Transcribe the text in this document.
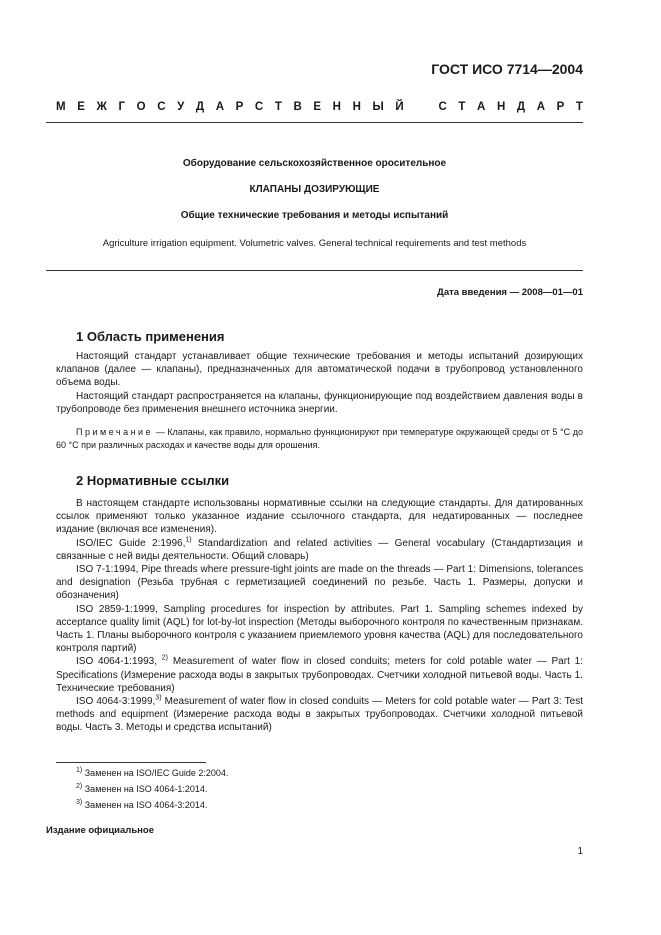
ГОСТ ИСО 7714—2004
М Е Ж Г О С У Д А Р С Т В Е Н Н Ы Й	С Т А Н Д А Р Т
Оборудование сельскохозяйственное оросительное
КЛАПАНЫ ДОЗИРУЮЩИЕ
Общие технические требования и методы испытаний
Agriculture irrigation equipment. Volumetric valves. General technical requirements and test methods
Дата введения — 2008—01—01
1 Область применения

Настоящий стандарт устанавливает общие технические требования и методы испытаний дозирующих клапанов (далее — клапаны), предназначенных для автоматической подачи в трубопровод установленного объема воды.

Настоящий стандарт распространяется на клапаны, функционирующие под воздействием давления воды в трубопроводе без применения внешнего источника энергии.

Примечание — Клапаны, как правило, нормально функционируют при температуре окружающей среды от 5 °С до 60 °С при различных расходах и качестве воды для орошения.
2 Нормативные ссылки

В настоящем стандарте использованы нормативные ссылки на следующие стандарты. Для датированных ссылок применяют только указанное издание ссылочного стандарта, для недатированных — последнее издание (включая все изменения).

ISO/IEC Guide 2:1996,$^{1)}$ Standardization and related activities — General vocabulary (Стандартизация и связанные с ней виды деятельности. Общий словарь)

ISO 7-1:1994, Pipe threads where pressure-tight joints are made on the threads — Part 1: Dimensions, tolerances and designation (Резьба трубная с герметизацией соединений по резьбе. Часть 1. Размеры, допуски и обозначения)

ISO 2859-1:1999, Sampling procedures for inspection by attributes. Part 1. Sampling schemes indexed by acceptance quality limit (AQL) for lot-by-lot inspection (Методы выборочного контроля по качественным признакам. Часть 1. Планы выборочного контроля с указанием приемлемого уровня качества (AQL) для последовательного контроля партий)

ISO 4064-1:1993, $^{2)}$ Measurement of water flow in closed conduits; meters for cold potable water — Part 1: Specifications (Измерение расхода воды в закрытых трубопроводах. Счетчики холодной питьевой воды. Часть 1. Технические требования)

ISO 4064-3:1999,$^{3)}$ Measurement of water flow in closed conduits — Meters for cold potable water — Part 3: Test methods and equipment (Измерение расхода воды в закрытых трубопроводах. Счетчики холодной питьевой воды. Часть 3. Методы и средства испытаний)

$^{1)}$ Заменен на ISO/IEC Guide 2:2004.
$^{2)}$ Заменен на ISO 4064-1:2014.
$^{3)}$ Заменен на ISO 4064-3:2014.
Издание официальное
1
